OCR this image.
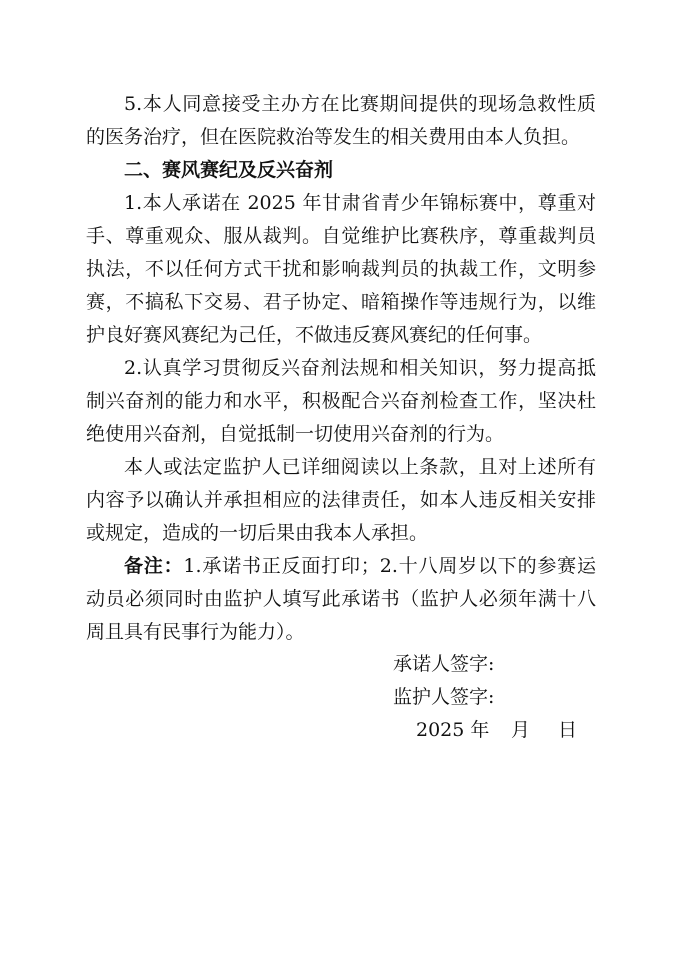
5.本人同意接受主办方在比赛期间提供的现场急救性质
的医务治疗，但在医院救治等发生的相关费用由本人负担。
二、赛风赛纪及反兴奋剂
1.本人承诺在 2025 年甘肃省青少年锦标赛中，尊重对
手、尊重观众、服从裁判。自觉维护比赛秩序，尊重裁判员
执法，不以任何方式干扰和影响裁判员的执裁工作，文明参
赛，不搞私下交易、君子协定、暗箱操作等违规行为，以维
护良好赛风赛纪为己任，不做违反赛风赛纪的任何事。
2.认真学习贯彻反兴奋剂法规和相关知识，努力提高抵
制兴奋剂的能力和水平，积极配合兴奋剂检查工作，坚决杜
绝使用兴奋剂，自觉抵制一切使用兴奋剂的行为。
本人或法定监护人已详细阅读以上条款，且对上述所有
内容予以确认并承担相应的法律责任，如本人违反相关安排
或规定，造成的一切后果由我本人承担。
备注：1.承诺书正反面打印；2.十八周岁以下的参赛运
动员必须同时由监护人填写此承诺书（监护人必须年满十八
周且具有民事行为能力）。
承诺人签字:
监护人签字:
2025 年 月 日
